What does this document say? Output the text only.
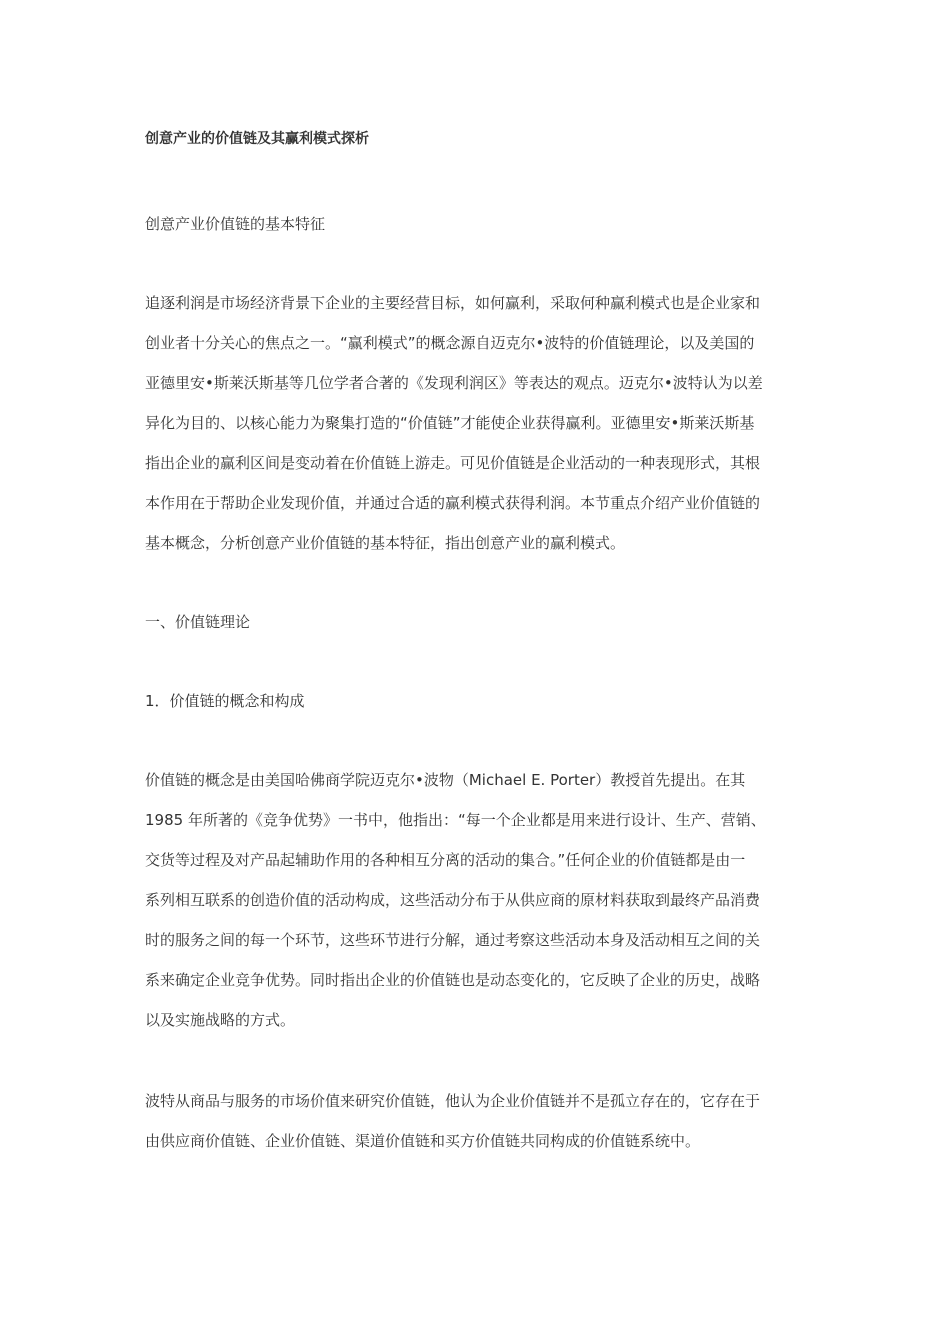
创意产业的价值链及其赢利模式探析
创意产业价值链的基本特征
追逐利润是市场经济背景下企业的主要经营目标，如何赢利，采取何种赢利模式也是企业家和
创业者十分关心的焦点之一。“赢利模式”的概念源自迈克尔•波特的价值链理论，以及美国的
亚德里安•斯莱沃斯基等几位学者合著的《发现利润区》等表达的观点。迈克尔•波特认为以差
异化为目的、以核心能力为聚集打造的“价值链”才能使企业获得赢利。亚德里安•斯莱沃斯基
指出企业的赢利区间是变动着在价值链上游走。可见价值链是企业活动的一种表现形式，其根
本作用在于帮助企业发现价值，并通过合适的赢利模式获得利润。本节重点介绍产业价值链的
基本概念，分析创意产业价值链的基本特征，指出创意产业的赢利模式。
一、价值链理论
1．价值链的概念和构成
价值链的概念是由美国哈佛商学院迈克尔•波物（Michael E. Porter）教授首先提出。在其
1985 年所著的《竞争优势》一书中，他指出：“每一个企业都是用来进行设计、生产、营销、
交货等过程及对产品起辅助作用的各种相互分离的活动的集合。”任何企业的价值链都是由一
系列相互联系的创造价值的活动构成，这些活动分布于从供应商的原材料获取到最终产品消费
时的服务之间的每一个环节，这些环节进行分解，通过考察这些活动本身及活动相互之间的关
系来确定企业竞争优势。同时指出企业的价值链也是动态变化的，它反映了企业的历史，战略
以及实施战略的方式。
波特从商品与服务的市场价值来研究价值链，他认为企业价值链并不是孤立存在的，它存在于
由供应商价值链、企业价值链、渠道价值链和买方价值链共同构成的价值链系统中。
